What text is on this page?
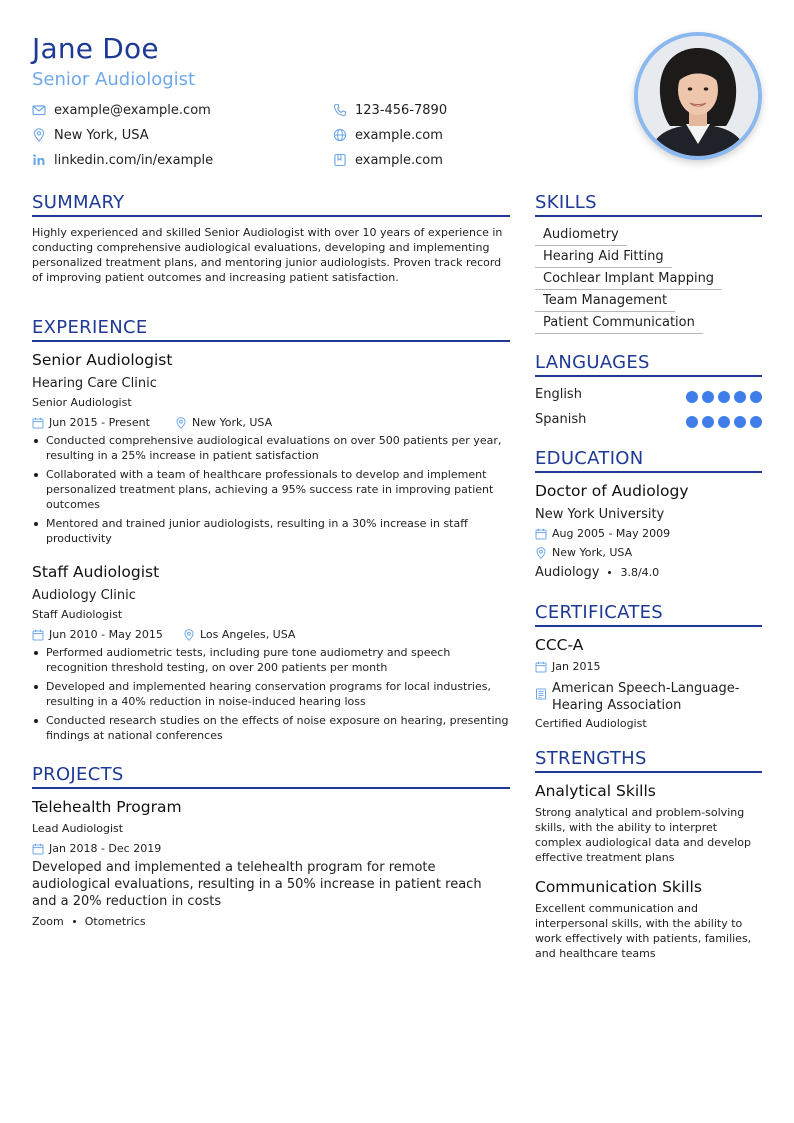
Jane Doe
Senior Audiologist
example@example.com	123-456-7890
New York, USA	example.com
linkedin.com/in/example	example.com
SUMMARY
Highly experienced and skilled Senior Audiologist with over 10 years of experience in conducting comprehensive audiological evaluations, developing and implementing personalized treatment plans, and mentoring junior audiologists. Proven track record of improving patient outcomes and increasing patient satisfaction.
EXPERIENCE
Senior Audiologist
Hearing Care Clinic
Senior Audiologist
Jun 2015 - Present	New York, USA
Conducted comprehensive audiological evaluations on over 500 patients per year, resulting in a 25% increase in patient satisfaction
Collaborated with a team of healthcare professionals to develop and implement personalized treatment plans, achieving a 95% success rate in improving patient outcomes
Mentored and trained junior audiologists, resulting in a 30% increase in staff productivity
Staff Audiologist
Audiology Clinic
Staff Audiologist
Jun 2010 - May 2015	Los Angeles, USA
Performed audiometric tests, including pure tone audiometry and speech recognition threshold testing, on over 200 patients per month
Developed and implemented hearing conservation programs for local industries, resulting in a 40% reduction in noise-induced hearing loss
Conducted research studies on the effects of noise exposure on hearing, presenting findings at national conferences
PROJECTS
Telehealth Program
Lead Audiologist
Jan 2018 - Dec 2019
Developed and implemented a telehealth program for remote audiological evaluations, resulting in a 50% increase in patient reach and a 20% reduction in costs
Zoom Otometrics
SKILLS
Audiometry
Hearing Aid Fitting
Cochlear Implant Mapping
Team Management
Patient Communication
LANGUAGES
English
Spanish
EDUCATION
Doctor of Audiology
New York University
Aug 2005 - May 2009
New York, USA
Audiology 3.8/4.0
CERTIFICATES
CCC-A
Jan 2015
American Speech-Language-Hearing Association
Certified Audiologist
STRENGTHS
Analytical Skills
Strong analytical and problem-solving skills, with the ability to interpret complex audiological data and develop effective treatment plans
Communication Skills
Excellent communication and interpersonal skills, with the ability to work effectively with patients, families, and healthcare teams
